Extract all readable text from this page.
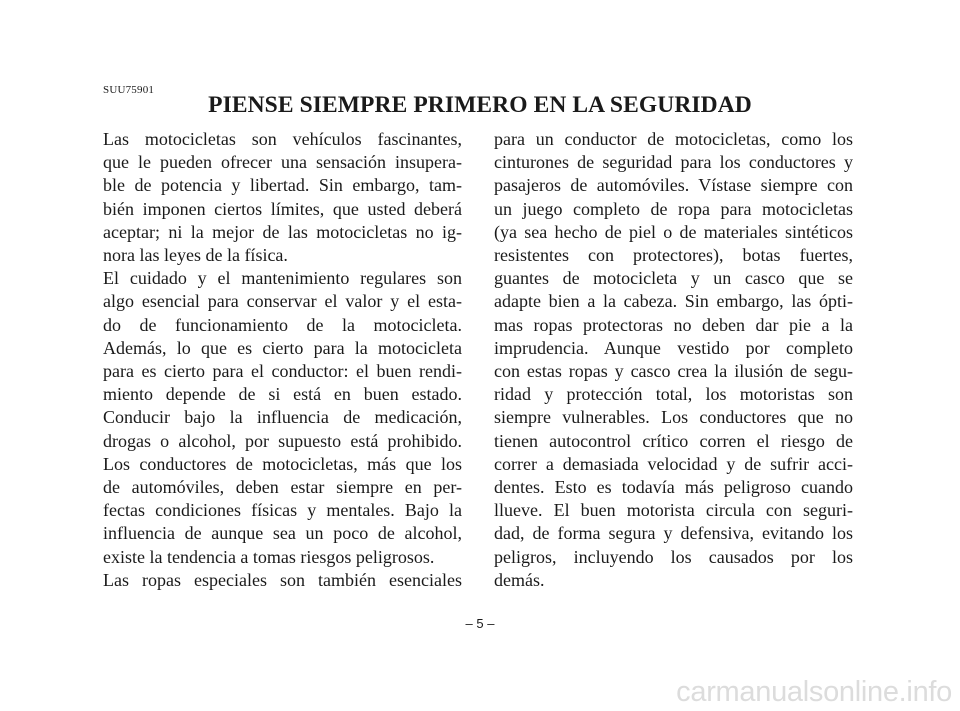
SUU75901
PIENSE SIEMPRE PRIMERO EN LA SEGURIDAD
Las motocicletas son vehículos fascinantes,
que le pueden ofrecer una sensación insupera-
ble de potencia y libertad. Sin embargo, tam-
bién imponen ciertos límites, que usted deberá
aceptar; ni la mejor de las motocicletas no ig-
nora las leyes de la física.
El cuidado y el mantenimiento regulares son
algo esencial para conservar el valor y el esta-
do de funcionamiento de la motocicleta.
Además, lo que es cierto para la motocicleta
para es cierto para el conductor: el buen rendi-
miento depende de si está en buen estado.
Conducir bajo la influencia de medicación,
drogas o alcohol, por supuesto está prohibido.
Los conductores de motocicletas, más que los
de automóviles, deben estar siempre en per-
fectas condiciones físicas y mentales. Bajo la
influencia de aunque sea un poco de alcohol,
existe la tendencia a tomas riesgos peligrosos.
Las ropas especiales son también esenciales
para un conductor de motocicletas, como los
cinturones de seguridad para los conductores y
pasajeros de automóviles. Vístase siempre con
un juego completo de ropa para motocicletas
(ya sea hecho de piel o de materiales sintéticos
resistentes con protectores), botas fuertes,
guantes de motocicleta y un casco que se
adapte bien a la cabeza. Sin embargo, las ópti-
mas ropas protectoras no deben dar pie a la
imprudencia. Aunque vestido por completo
con estas ropas y casco crea la ilusión de segu-
ridad y protección total, los motoristas son
siempre vulnerables. Los conductores que no
tienen autocontrol crítico corren el riesgo de
correr a demasiada velocidad y de sufrir acci-
dentes. Esto es todavía más peligroso cuando
llueve. El buen motorista circula con seguri-
dad, de forma segura y defensiva, evitando los
peligros, incluyendo los causados por los
demás.
– 5 –
carmanualsonline.info
